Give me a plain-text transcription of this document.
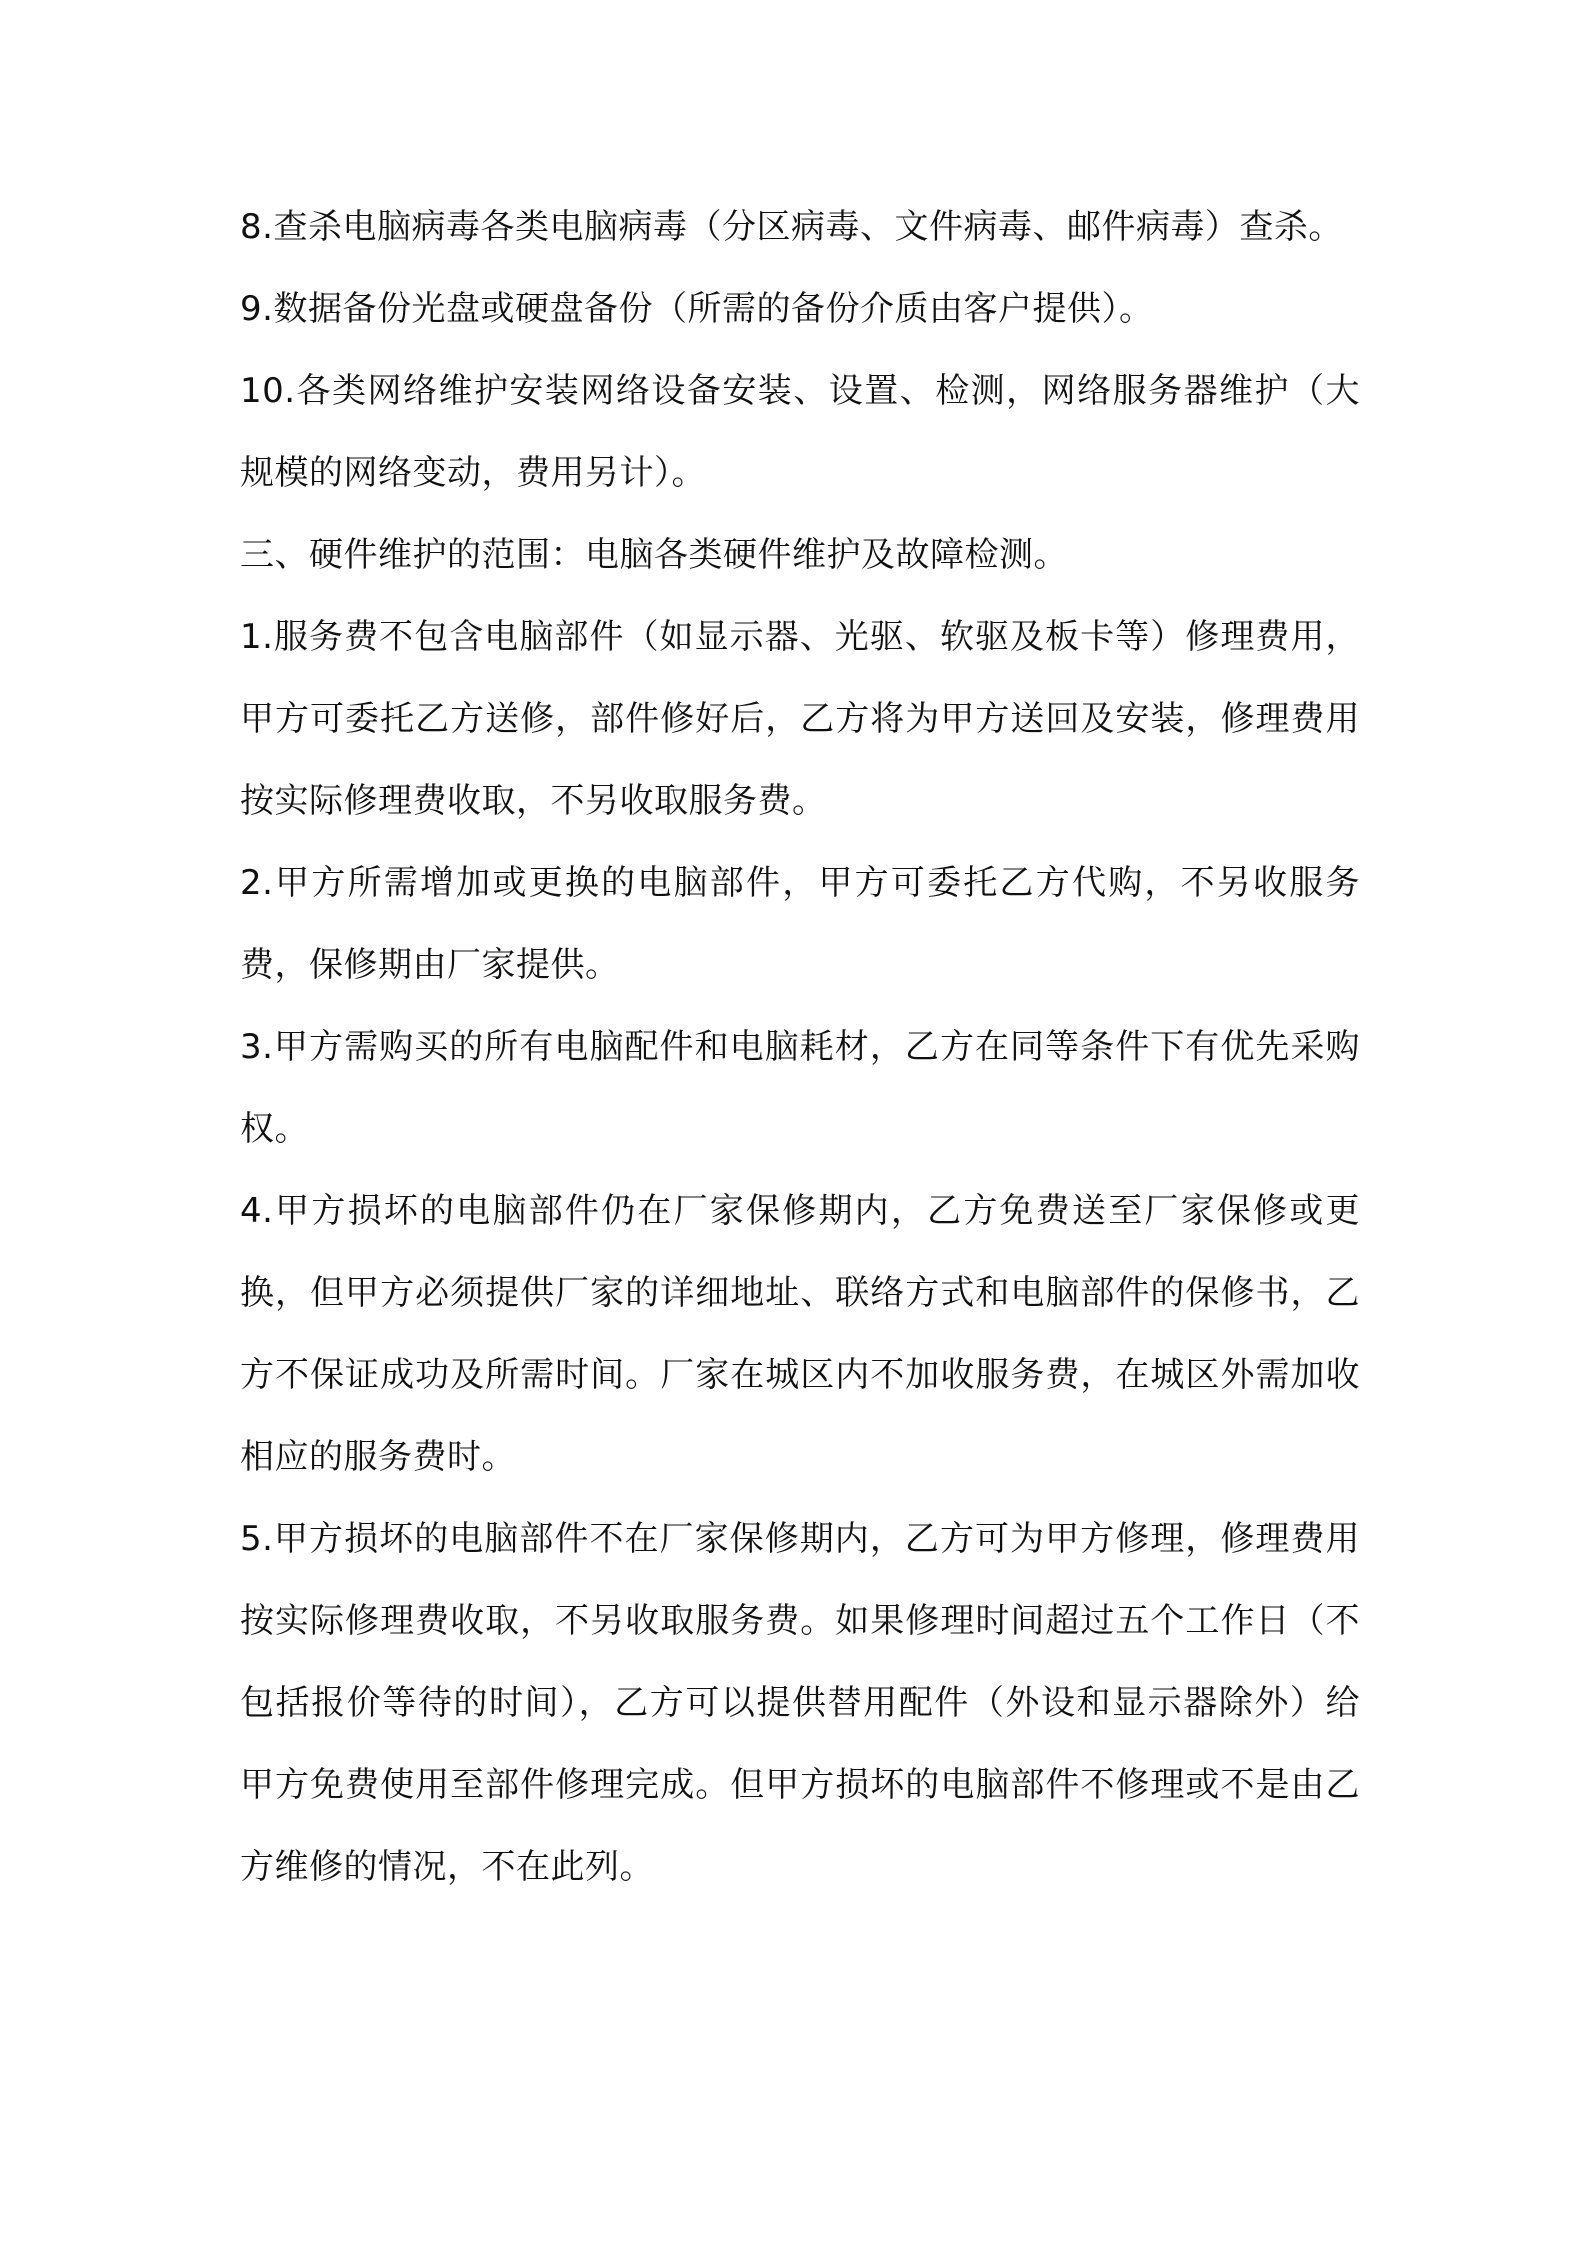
8.查杀电脑病毒各类电脑病毒（分区病毒、文件病毒、邮件病毒）查杀。

9.数据备份光盘或硬盘备份（所需的备份介质由客户提供）。

10.各类网络维护安装网络设备安装、设置、检测，网络服务器维护（大规模的网络变动，费用另计）。

三、硬件维护的范围：电脑各类硬件维护及故障检测。

1.服务费不包含电脑部件（如显示器、光驱、软驱及板卡等）修理费用，甲方可委托乙方送修，部件修好后，乙方将为甲方送回及安装，修理费用按实际修理费收取，不另收取服务费。

2.甲方所需增加或更换的电脑部件，甲方可委托乙方代购，不另收服务费，保修期由厂家提供。

3.甲方需购买的所有电脑配件和电脑耗材，乙方在同等条件下有优先采购权。

4.甲方损坏的电脑部件仍在厂家保修期内，乙方免费送至厂家保修或更换，但甲方必须提供厂家的详细地址、联络方式和电脑部件的保修书，乙方不保证成功及所需时间。厂家在城区内不加收服务费，在城区外需加收相应的服务费时。

5.甲方损坏的电脑部件不在厂家保修期内，乙方可为甲方修理，修理费用按实际修理费收取，不另收取服务费。如果修理时间超过五个工作日（不包括报价等待的时间），乙方可以提供替用配件（外设和显示器除外）给甲方免费使用至部件修理完成。但甲方损坏的电脑部件不修理或不是由乙方维修的情况，不在此列。
